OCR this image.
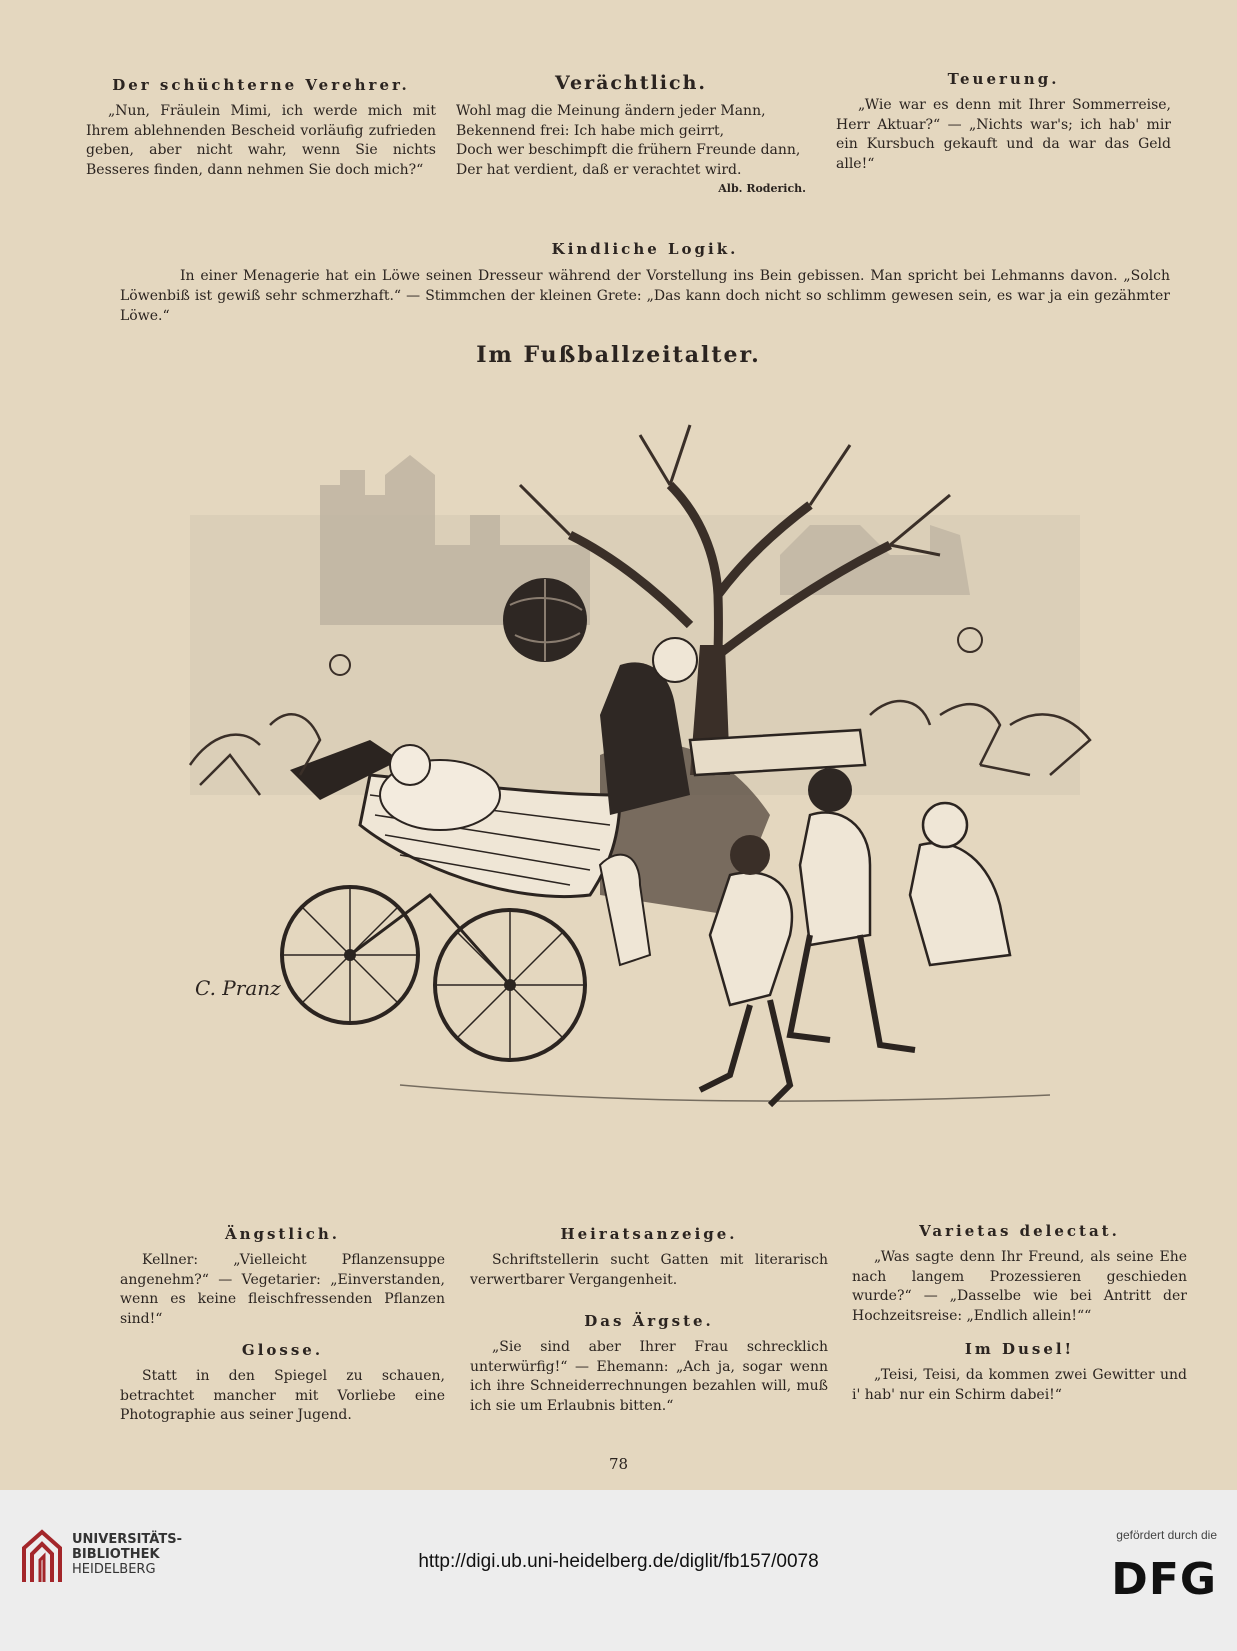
Der schüchterne Verehrer.
„Nun, Fräulein Mimi, ich werde mich mit Ihrem ablehnenden Bescheid vorläufig zufrieden geben, aber nicht wahr, wenn Sie nichts Besseres finden, dann nehmen Sie doch mich?“
Verächtlich.
Wohl mag die Meinung ändern jeder Mann,
Bekennend frei: Ich habe mich geirrt,
Doch wer beschimpft die frühern Freunde dann,
Der hat verdient, daß er verachtet wird.
Alb. Roderich.
Teuerung.
„Wie war es denn mit Ihrer Sommerreise, Herr Aktuar?“ — „Nichts war's; ich hab' mir ein Kursbuch gekauft und da war das Geld alle!“
Kindliche Logik.
In einer Menagerie hat ein Löwe seinen Dresseur während der Vorstellung ins Bein gebissen. Man spricht bei Lehmanns davon. „Solch Löwenbiß ist gewiß sehr schmerzhaft.“ — Stimmchen der kleinen Grete: „Das kann doch nicht so schlimm gewesen sein, es war ja ein gezähmter Löwe.“
Im Fußballzeitalter.
C. Pranz
Ängstlich.
Kellner: „Vielleicht Pflanzensuppe angenehm?“ — Vegetarier: „Einverstanden, wenn es keine fleischfressenden Pflanzen sind!“
Glosse.
Statt in den Spiegel zu schauen, betrachtet mancher mit Vorliebe eine Photographie aus seiner Jugend.
Heiratsanzeige.
Schriftstellerin sucht Gatten mit literarisch verwertbarer Vergangenheit.
Das Ärgste.
„Sie sind aber Ihrer Frau schrecklich unterwürfig!“ — Ehemann: „Ach ja, sogar wenn ich ihre Schneiderrechnungen bezahlen will, muß ich sie um Erlaubnis bitten.“
Varietas delectat.
„Was sagte denn Ihr Freund, als seine Ehe nach langem Prozessieren geschieden wurde?“ — „Dasselbe wie bei Antritt der Hochzeitsreise: „Endlich allein!““
Im Dusel!
„Teisi, Teisi, da kommen zwei Gewitter und i' hab' nur ein Schirm dabei!“
78
UNIVERSITÄTS-
BIBLIOTHEK
HEIDELBERG	http://digi.ub.uni-heidelberg.de/diglit/fb157/0078
gefördert durch die
DFG
